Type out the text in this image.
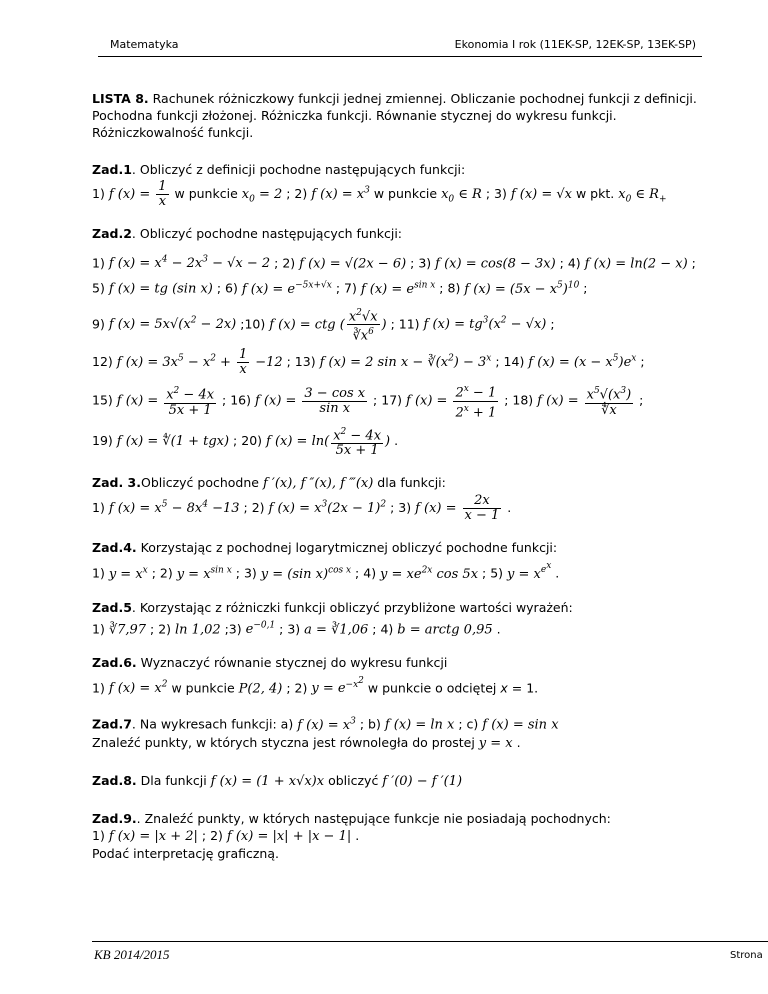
Matematyka	Ekonomia I rok (11EK-SP, 12EK-SP, 13EK-SP)
LISTA 8. Rachunek różniczkowy funkcji jednej zmiennej. Obliczanie pochodnej funkcji z definicji. Pochodna funkcji złożonej. Różniczka funkcji. Równanie stycznej do wykresu funkcji. Różniczkowalność funkcji.
Zad.1. Obliczyć z definicji pochodne następujących funkcji:
1) f $(x) = \frac{1}{x}$ w punkcie $x_0 = 2$ ; 2) f $(x) = x^3$ w punkcie $x_0$ ∈ R ; 3) f (x) = √x w pkt. $x_0$ ∈ $R_+$
Zad.2. Obliczyć pochodne następujących funkcji:
1) f $(x) = x^4 - 2x^3 - √x - 2$ ; 2) f (x) = √(2x − 6) ; 3) f (x) = cos(8 − 3x) ; 4) f (x) = ln(2 − x) ;
5) f (x) = tg (sin x) ; 6) f $(x) = e^{-5x+√x}$ ; 7) f $(x) = e^{sin x}$ ; 8) f $(x) = (5x - x^5)^{10}$ ;
9) f $(x) = 5x√(x^2 - 2x)$ ;10) f (x) = ctg ( $\frac{x^2√x}{∛x^6}$ ) ; 11) f $(x) = tg^3(x^2 - √x)$ ;
12) f $(x) = 3x^5 - x^2 + \frac{1}{x} -12$ ; 13) f (x) = 2 $\sin x - ∛(x^2) - 3^x$ ; 14) f $(x) = (x - x^5)e^x$ ;
15) f $(x) = \frac{x^2 - 4x}{5x + 1}$ ; 16) f $(x) = \frac{\text{3 − cos x}}{\text{sin x}}$ ; 17) f $(x) = \frac{2^x - 1}{2^x + 1}$ ; 18) f $(x) = \frac{x^5√(x^3)}{∜x}$ ;
19) f (x) = ∜(1 + tgx) ; 20) f $(x) = \ln( \frac{x^2 - 4x}{5x + 1}$ ) .
Zad. 3.Obliczyć pochodne f ′(x), f ″(x), f ‴(x) dla funkcji:
1) f $(x) = x^5 - 8x^4 -13$ ; 2) f $(x) = x^3(2x - 1)^2$ ; 3) f $(x) = \frac{2x}{x - 1}$ .
Zad.4. Korzystając z pochodnej logarytmicznej obliczyć pochodne funkcji:
1) $y = x^x$ ; 2) $y = x^{sin x}$ ; 3) y = (sin x)$^{cos x}$ ; 4) $y = xe^{2x}$ cos 5x ; 5) $y = x^{e^x}$ .
Zad.5. Korzystając z różniczki funkcji obliczyć przybliżone wartości wyrażeń:
1) ∛7,97 ; 2) ln 1,02 ;3) $e^{-0,1}$ ; 3) a = ∛1,06 ; 4) b = arctg 0,95 .
Zad.6. Wyznaczyć równanie stycznej do wykresu funkcji
1) f $(x) = x^2$ w punkcie P(2, 4) ; 2) $y = e^{-x^2}$ w punkcie o odciętej x = 1.
Zad.7. Na wykresach funkcji: a) f $(x) = x^3$ ; b) f (x) = ln x ; c) f (x) = sin x
Znaleźć punkty, w których styczna jest równoległa do prostej y = x .
Zad.8. Dla funkcji f (x) = (1 + x√x)x obliczyć f ′(0) − f ′(1)
Zad.9.. Znaleźć punkty, w których następujące funkcje nie posiadają pochodnych:
1) f (x) = |x + 2| ; 2) f (x) = |x| + |x − 1| .
Podać interpretację graficzną.
KB 2014/2015	Strona
